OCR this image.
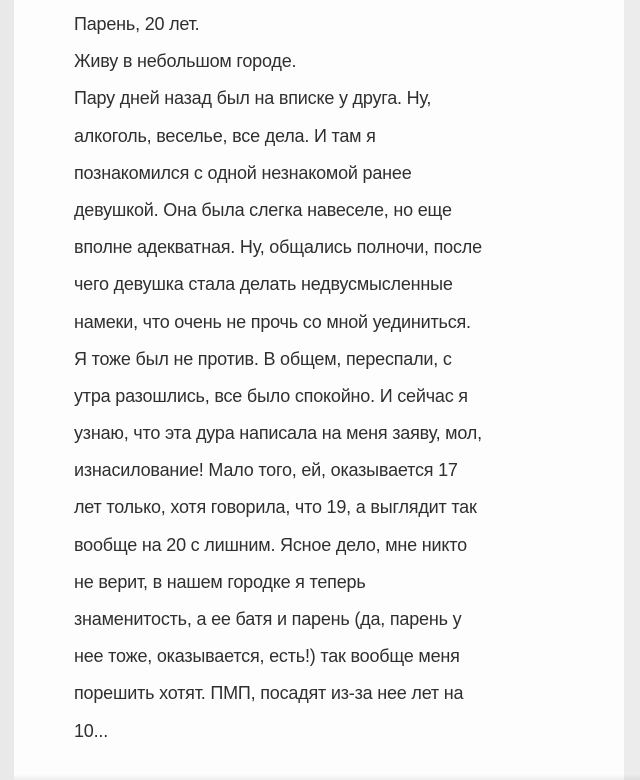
Парень, 20 лет.
Живу в небольшом городе.
Пару дней назад был на вписке у друга. Ну,
алкоголь, веселье, все дела. И там я
познакомился с одной незнакомой ранее
девушкой. Она была слегка навеселе, но еще
вполне адекватная. Ну, общались полночи, после
чего девушка стала делать недвусмысленные
намеки, что очень не прочь со мной уединиться.
Я тоже был не против. В общем, переспали, с
утра разошлись, все было спокойно. И сейчас я
узнаю, что эта дура написала на меня заяву, мол,
изнасилование! Мало того, ей, оказывается 17
лет только, хотя говорила, что 19, а выглядит так
вообще на 20 с лишним. Ясное дело, мне никто
не верит, в нашем городке я теперь
знаменитость, а ее батя и парень (да, парень у
нее тоже, оказывается, есть!) так вообще меня
порешить хотят. ПМП, посадят из-за нее лет на
10...
